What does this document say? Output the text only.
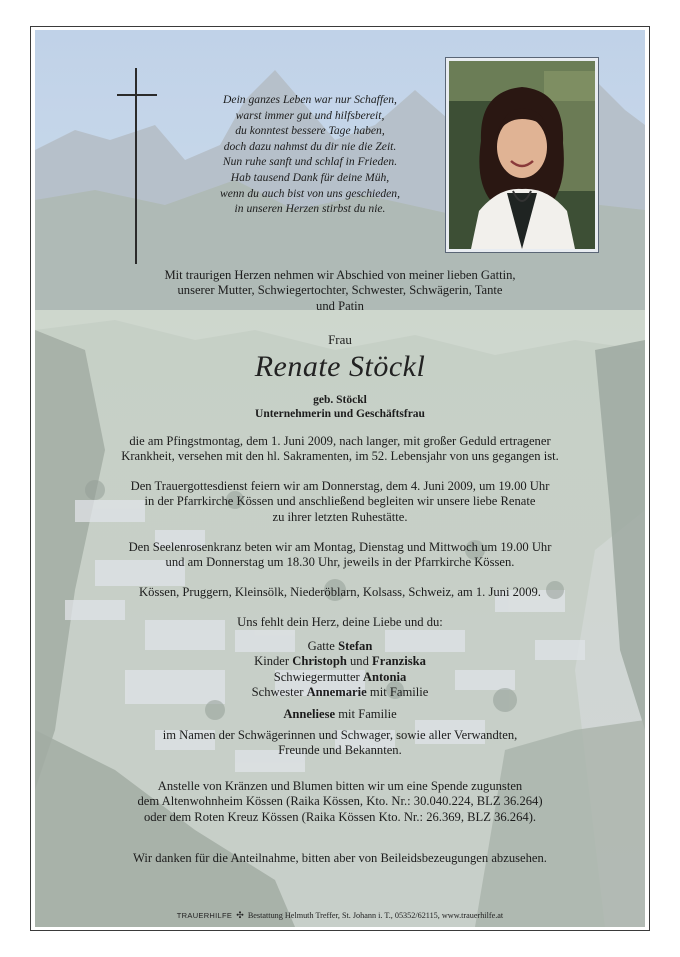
Dein ganzes Leben war nur Schaffen,
warst immer gut und hilfsbereit,
du konntest bessere Tage haben,
doch dazu nahmst du dir nie die Zeit.
Nun ruhe sanft und schlaf in Frieden.
Hab tausend Dank für deine Müh,
wenn du auch bist von uns geschieden,
in unseren Herzen stirbst du nie.
Mit traurigen Herzen nehmen wir Abschied von meiner lieben Gattin,
unserer Mutter, Schwiegertochter, Schwester, Schwägerin, Tante
und Patin
Frau
Renate Stöckl
geb. Stöckl
Unternehmerin und Geschäftsfrau
die am Pfingstmontag, dem 1. Juni 2009, nach langer, mit großer Geduld ertragener
Krankheit, versehen mit den hl. Sakramenten, im 52. Lebensjahr von uns gegangen ist.
Den Trauergottesdienst feiern wir am Donnerstag, dem 4. Juni 2009, um 19.00 Uhr
in der Pfarrkirche Kössen und anschließend begleiten wir unsere liebe Renate
zu ihrer letzten Ruhestätte.
Den Seelenrosenkranz beten wir am Montag, Dienstag und Mittwoch um 19.00 Uhr
und am Donnerstag um 18.30 Uhr, jeweils in der Pfarrkirche Kössen.
Kössen, Pruggern, Kleinsölk, Niederöblarn, Kolsass, Schweiz, am 1. Juni 2009.
Uns fehlt dein Herz, deine Liebe und du:
Gatte Stefan
Kinder Christoph und Franziska
Schwiegermutter Antonia
Schwester Annemarie mit Familie
Anneliese mit Familie
im Namen der Schwägerinnen und Schwager, sowie aller Verwandten,
Freunde und Bekannten.
Anstelle von Kränzen und Blumen bitten wir um eine Spende zugunsten
dem Altenwohnheim Kössen (Raika Kössen, Kto. Nr.: 30.040.224, BLZ 36.264)
oder dem Roten Kreuz Kössen (Raika Kössen Kto. Nr.: 26.369, BLZ 36.264).
Wir danken für die Anteilnahme, bitten aber von Beileidsbezeugungen abzusehen.
TRAUERHILFE ✣ Bestattung Helmuth Treffer, St. Johann i. T., 05352/62115, www.trauerhilfe.at
